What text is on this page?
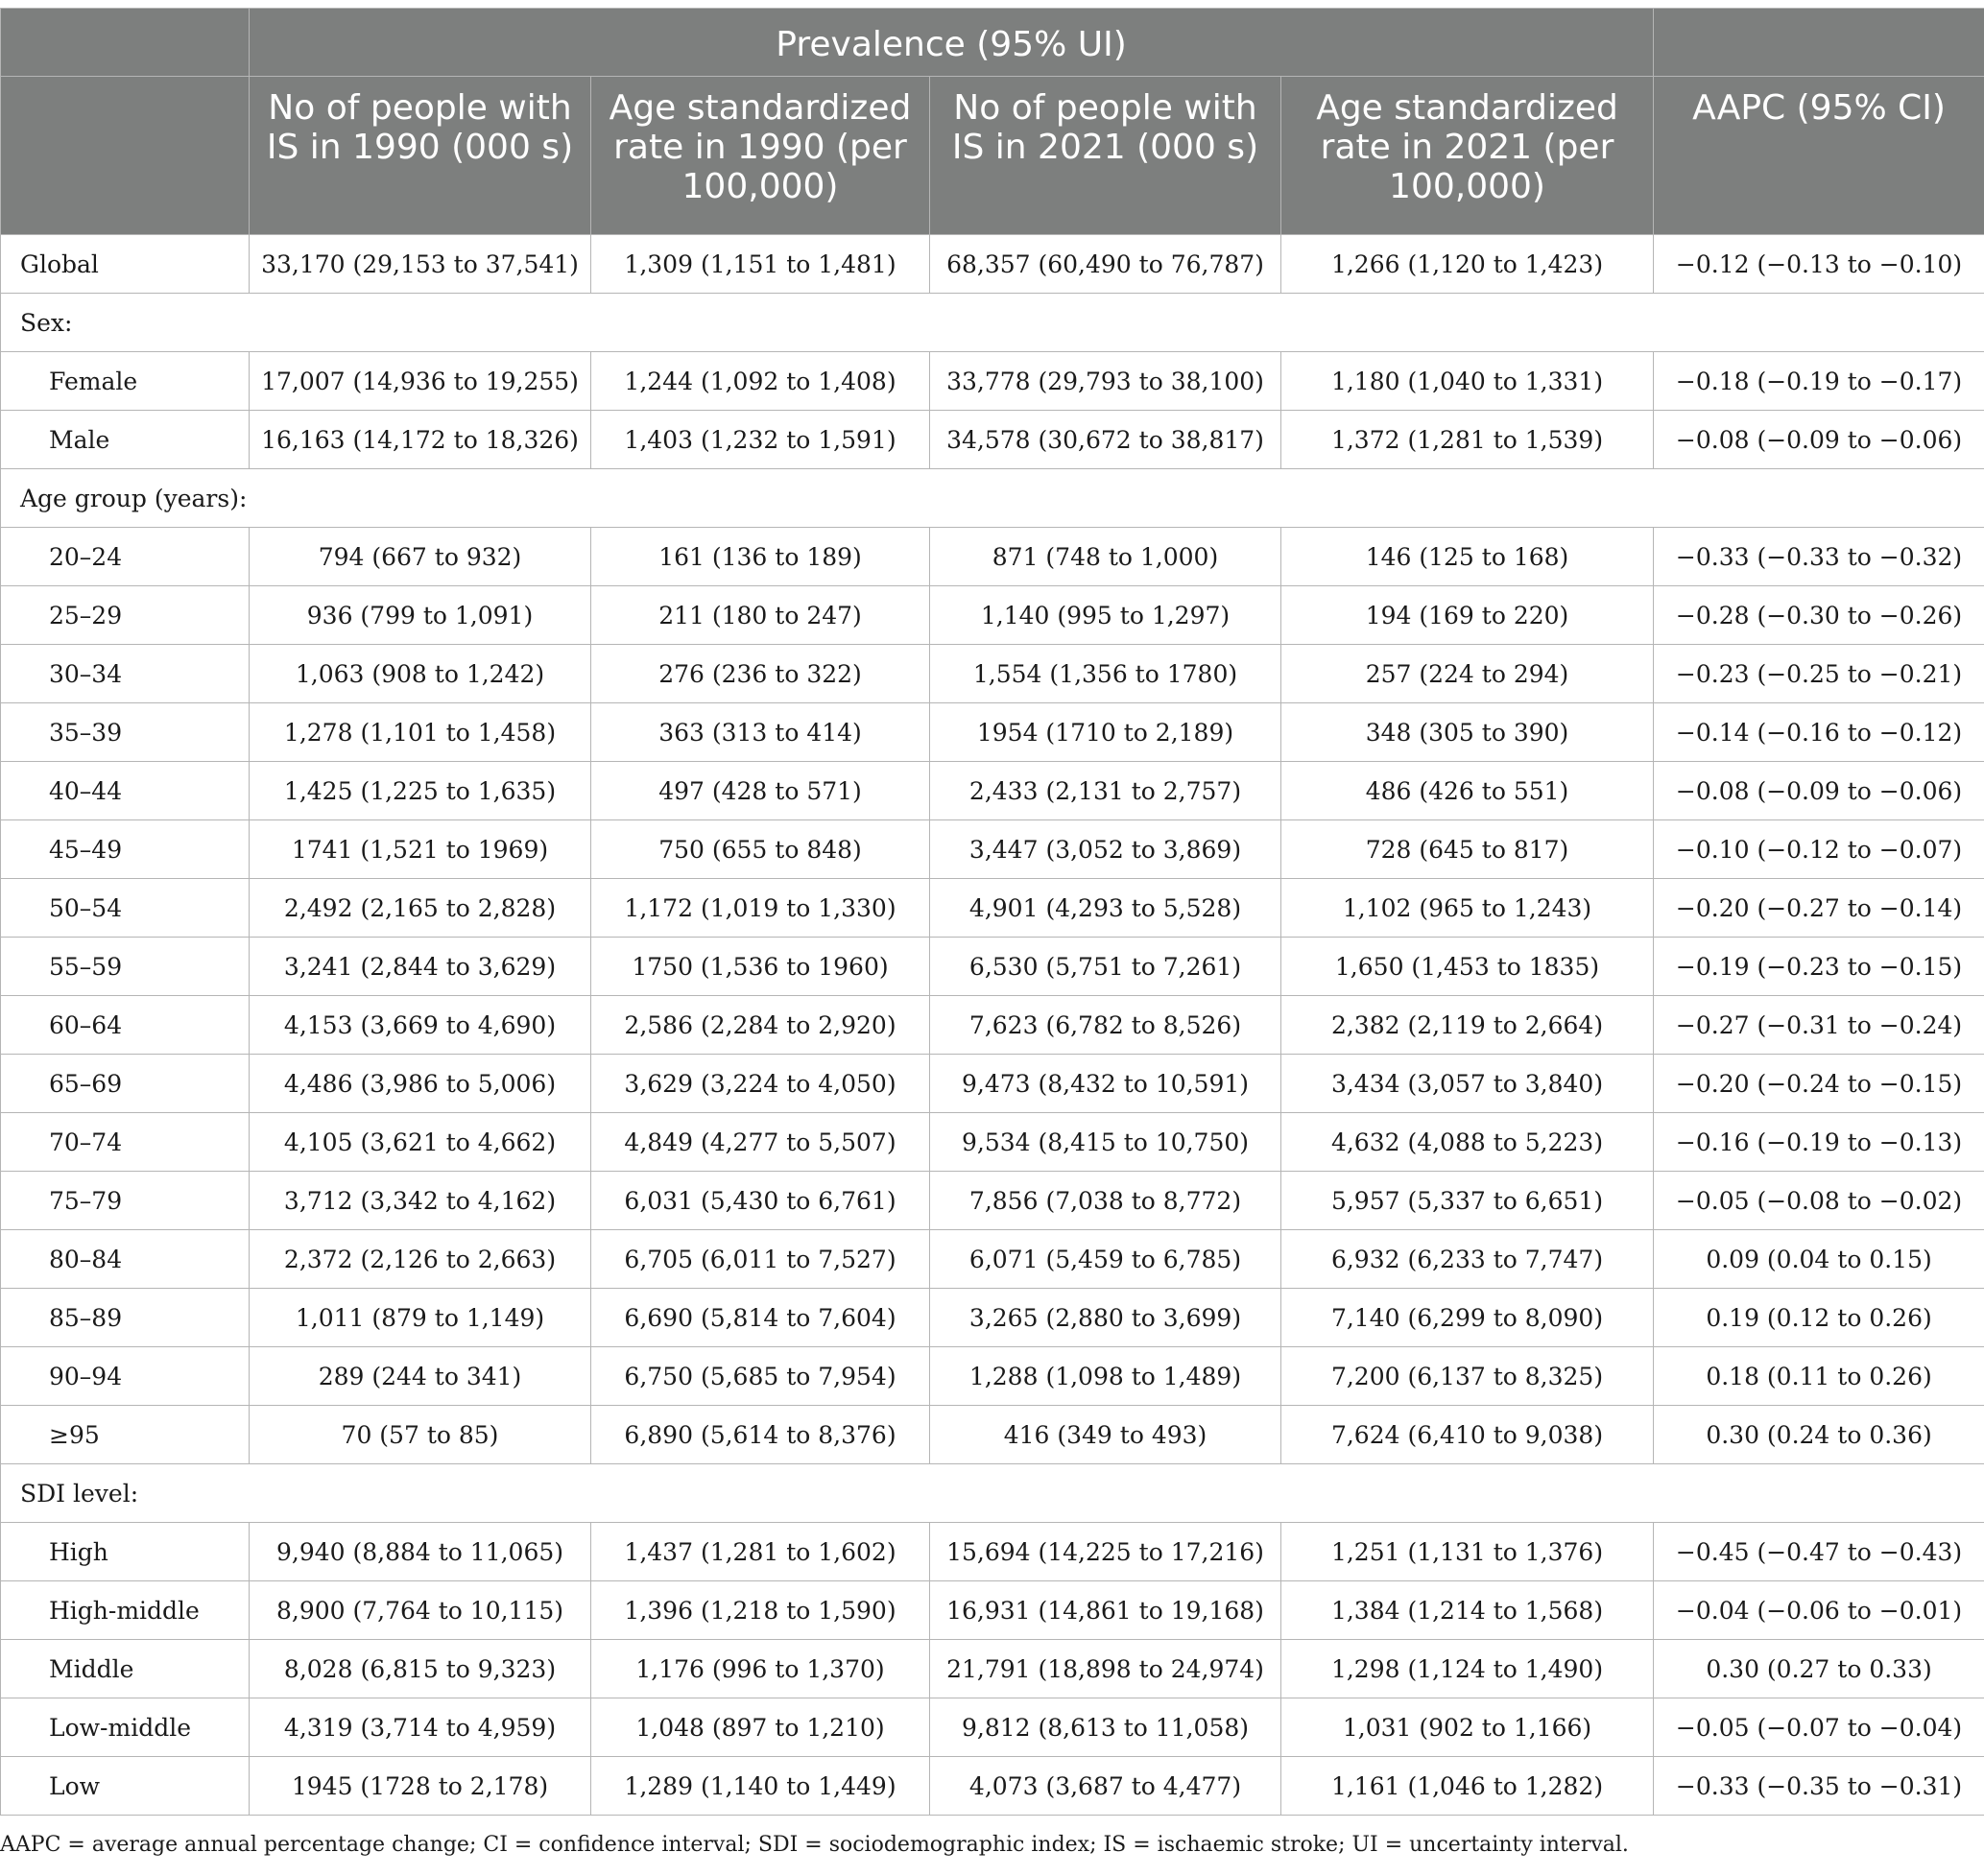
	Prevalence (95% UI)				
	No of people with IS in 1990 (000 s)	Age standardized rate in 1990 (per 100,000)	No of people with IS in 2021 (000 s)	Age standardized rate in 2021 (per 100,000)	AAPC (95% CI)
Global	33,170 (29,153 to 37,541)	1,309 (1,151 to 1,481)	68,357 (60,490 to 76,787)	1,266 (1,120 to 1,423)	−0.12 (−0.13 to −0.10)
Sex:					
Female	17,007 (14,936 to 19,255)	1,244 (1,092 to 1,408)	33,778 (29,793 to 38,100)	1,180 (1,040 to 1,331)	−0.18 (−0.19 to −0.17)
Male	16,163 (14,172 to 18,326)	1,403 (1,232 to 1,591)	34,578 (30,672 to 38,817)	1,372 (1,281 to 1,539)	−0.08 (−0.09 to −0.06)
Age group (years):					
20–24	794 (667 to 932)	161 (136 to 189)	871 (748 to 1,000)	146 (125 to 168)	−0.33 (−0.33 to −0.32)
25–29	936 (799 to 1,091)	211 (180 to 247)	1,140 (995 to 1,297)	194 (169 to 220)	−0.28 (−0.30 to −0.26)
30–34	1,063 (908 to 1,242)	276 (236 to 322)	1,554 (1,356 to 1780)	257 (224 to 294)	−0.23 (−0.25 to −0.21)
35–39	1,278 (1,101 to 1,458)	363 (313 to 414)	1954 (1710 to 2,189)	348 (305 to 390)	−0.14 (−0.16 to −0.12)
40–44	1,425 (1,225 to 1,635)	497 (428 to 571)	2,433 (2,131 to 2,757)	486 (426 to 551)	−0.08 (−0.09 to −0.06)
45–49	1741 (1,521 to 1969)	750 (655 to 848)	3,447 (3,052 to 3,869)	728 (645 to 817)	−0.10 (−0.12 to −0.07)
50–54	2,492 (2,165 to 2,828)	1,172 (1,019 to 1,330)	4,901 (4,293 to 5,528)	1,102 (965 to 1,243)	−0.20 (−0.27 to −0.14)
55–59	3,241 (2,844 to 3,629)	1750 (1,536 to 1960)	6,530 (5,751 to 7,261)	1,650 (1,453 to 1835)	−0.19 (−0.23 to −0.15)
60–64	4,153 (3,669 to 4,690)	2,586 (2,284 to 2,920)	7,623 (6,782 to 8,526)	2,382 (2,119 to 2,664)	−0.27 (−0.31 to −0.24)
65–69	4,486 (3,986 to 5,006)	3,629 (3,224 to 4,050)	9,473 (8,432 to 10,591)	3,434 (3,057 to 3,840)	−0.20 (−0.24 to −0.15)
70–74	4,105 (3,621 to 4,662)	4,849 (4,277 to 5,507)	9,534 (8,415 to 10,750)	4,632 (4,088 to 5,223)	−0.16 (−0.19 to −0.13)
75–79	3,712 (3,342 to 4,162)	6,031 (5,430 to 6,761)	7,856 (7,038 to 8,772)	5,957 (5,337 to 6,651)	−0.05 (−0.08 to −0.02)
80–84	2,372 (2,126 to 2,663)	6,705 (6,011 to 7,527)	6,071 (5,459 to 6,785)	6,932 (6,233 to 7,747)	0.09 (0.04 to 0.15)
85–89	1,011 (879 to 1,149)	6,690 (5,814 to 7,604)	3,265 (2,880 to 3,699)	7,140 (6,299 to 8,090)	0.19 (0.12 to 0.26)
90–94	289 (244 to 341)	6,750 (5,685 to 7,954)	1,288 (1,098 to 1,489)	7,200 (6,137 to 8,325)	0.18 (0.11 to 0.26)
≥95	70 (57 to 85)	6,890 (5,614 to 8,376)	416 (349 to 493)	7,624 (6,410 to 9,038)	0.30 (0.24 to 0.36)
SDI level:					
High	9,940 (8,884 to 11,065)	1,437 (1,281 to 1,602)	15,694 (14,225 to 17,216)	1,251 (1,131 to 1,376)	−0.45 (−0.47 to −0.43)
High-middle	8,900 (7,764 to 10,115)	1,396 (1,218 to 1,590)	16,931 (14,861 to 19,168)	1,384 (1,214 to 1,568)	−0.04 (−0.06 to −0.01)
Middle	8,028 (6,815 to 9,323)	1,176 (996 to 1,370)	21,791 (18,898 to 24,974)	1,298 (1,124 to 1,490)	0.30 (0.27 to 0.33)
Low-middle	4,319 (3,714 to 4,959)	1,048 (897 to 1,210)	9,812 (8,613 to 11,058)	1,031 (902 to 1,166)	−0.05 (−0.07 to −0.04)
Low	1945 (1728 to 2,178)	1,289 (1,140 to 1,449)	4,073 (3,687 to 4,477)	1,161 (1,046 to 1,282)	−0.33 (−0.35 to −0.31)
AAPC = average annual percentage change; CI = confidence interval; SDI = sociodemographic index; IS = ischaemic stroke; UI = uncertainty interval.
